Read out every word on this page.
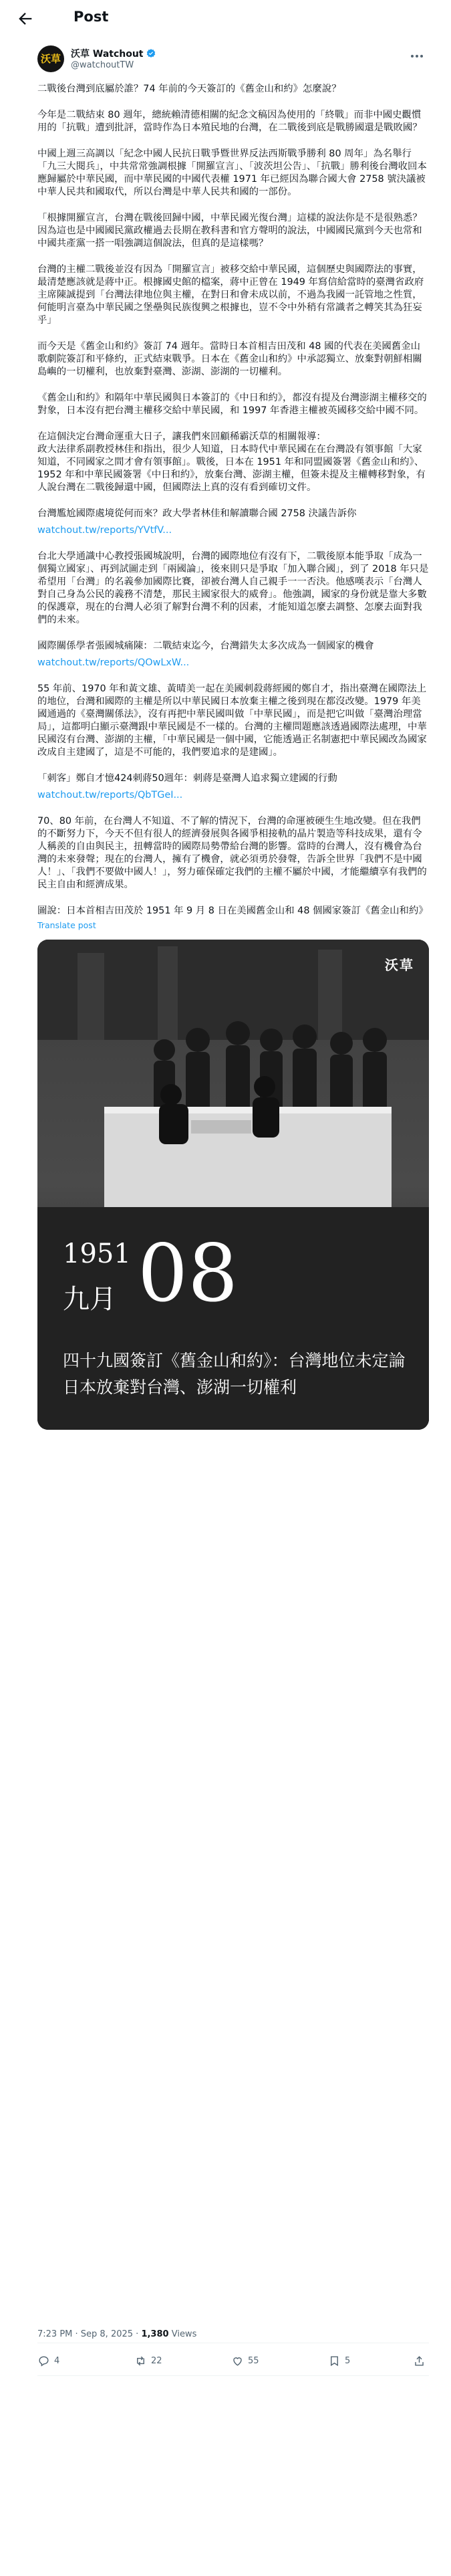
Post
沃草	沃草 Watchout
@watchoutTW

二戰後台灣到底屬於誰？74 年前的今天簽訂的《舊金山和約》怎麼說？

今年是二戰結束 80 週年，總統賴清德相關的紀念文稿因為使用的「終戰」而非中國史觀慣用的「抗戰」遭到批評，當時作為日本殖民地的台灣，在二戰後到底是戰勝國還是戰敗國？

中國上週三高調以「紀念中國人民抗日戰爭暨世界反法西斯戰爭勝利 80 周年」為名舉行「九三大閱兵」，中共常常強調根據「開羅宣言」、「波茨坦公告」、「抗戰」勝利後台灣收回本應歸屬於中華民國，而中華民國的中國代表權 1971 年已經因為聯合國大會 2758 號決議被中華人民共和國取代，所以台灣是中華人民共和國的一部份。

「根據開羅宣言，台灣在戰後回歸中國，中華民國光復台灣」這樣的說法你是不是很熟悉？因為這也是中國國民黨政權過去長期在教科書和官方聲明的說法，中國國民黨到今天也常和中國共產黨一搭一唱強調這個說法，但真的是這樣嗎？

台灣的主權二戰後並沒有因為「開羅宣言」被移交給中華民國，這個歷史與國際法的事實，最清楚應該就是蔣中正。根據國史館的檔案，蔣中正曾在 1949 年寫信給當時的臺灣省政府主席陳誠提到「台灣法律地位與主權，在對日和會未成以前，不過為我國一託管地之性質，何能明言臺為中華民國之堡壘與民族復興之根據也，豈不令中外稍有常識者之轉笑其為狂妄乎」

而今天是《舊金山和約》簽訂 74 週年。當時日本首相吉田茂和 48 國的代表在美國舊金山歌劇院簽訂和平條約，正式結束戰爭。日本在《舊金山和約》中承認獨立、放棄對朝鮮相關島嶼的一切權利，也放棄對臺灣、澎湖、澎湖的一切權利。

《舊金山和約》和隔年中華民國與日本簽訂的《中日和約》，都沒有提及台灣澎湖主權移交的對象，日本沒有把台灣主權移交給中華民國，和 1997 年香港主權被英國移交給中國不同。

在這個決定台灣命運重大日子，讓我們來回顧稀霸沃草的相關報導：
政大法律系副教授林佳和指出，很少人知道，日本時代中華民國在在台灣設有領事館「大家知道，不同國家之間才會有領事館」。戰後，日本在 1951 年和同盟國簽署《舊金山和約》、1952 年和中華民國簽署《中日和約》，放棄台灣、澎湖主權，但簽未提及主權轉移對象，有人說台灣在二戰後歸還中國，但國際法上真的沒有看到確切文件。

台灣尷尬國際處境從何而來？政大學者林佳和解讀聯合國 2758 決議告訴你

watchout.tw/reports/YVtfV...

台北大學通識中心教授張國城說明，台灣的國際地位有沒有下，二戰後原本能爭取「成為一個獨立國家」、再到試圖走到「兩國論」，後來則只是爭取「加入聯合國」，到了 2018 年只是希望用「台灣」的名義參加國際比賽，卻被台灣人自己親手一一否決。他感嘆表示「台灣人對自己身為公民的義務不清楚，那民主國家很大的威脅」。他強調，國家的身份就是靠大多數的保護章，現在的台灣人必須了解對台灣不利的因素，才能知道怎麼去調整、怎麼去面對我們的未來。

國際關係學者張國城痛陳：二戰結束迄今，台灣錯失太多次成為一個國家的機會

watchout.tw/reports/QOwLxW...

55 年前、1970 年和黃文雄、黃晴美一起在美國刺殺蔣經國的鄭自才，指出臺灣在國際法上的地位，台灣和國際的主權是所以中華民國日本放棄主權之後到現在都沒改變。1979 年美國通過的《臺灣關係法》，沒有再把中華民國叫做「中華民國」，而是把它叫做「臺灣治理當局」，這都明白顯示臺灣跟中華民國是不一樣的。台灣的主權問題應該透過國際法處理，中華民國沒有台灣、澎湖的主權，「中華民國是一個中國，它能透過正名制憲把中華民國改為國家改成自主建國了，這是不可能的，我們要追求的是建國」。

「刺客」鄭自才憶424刺蔣50週年：刺蔣是臺灣人追求獨立建國的行動

watchout.tw/reports/QbTGeI...

70、80 年前，在台灣人不知道、不了解的情況下，台灣的命運被硬生生地改變。但在我們的不斷努力下，今天不但有很人的經濟發展與各國爭相接軌的晶片製造等科技成果，還有令人稱羨的自由與民主，扭轉當時的國際局勢帶給台灣的影響。當時的台灣人，沒有機會為台灣的未來發聲；現在的台灣人，擁有了機會，就必須勇於發聲，告訴全世界「我們不是中國人！」、「我們不要做中國人！」，努力確保確定我們的主權不屬於中國，才能繼續享有我們的民主自由和經濟成果。

圖說：日本首相吉田茂於 1951 年 9 月 8 日在美國舊金山和 48 個國家簽訂《舊金山和約》

Translate post
沃草
1951
九月 08
四十九國簽訂《舊金山和約》：台灣地位未定論
日本放棄對台灣、澎湖一切權利
7:23 PM · Sep 8, 2025 · 1,380 Views
4	22	55	5
